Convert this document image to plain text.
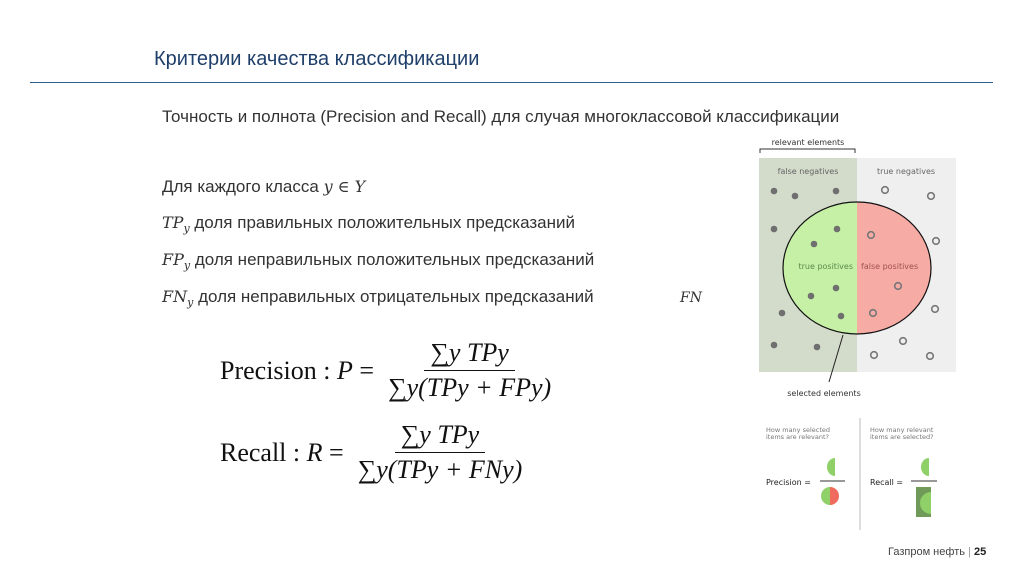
Критерии качества классификации
Точность и полнота (Precision and Recall) для случая многоклассовой классификации
Для каждого класса y ∈ Y
$TP_y$ доля правильных положительных предсказаний
$FP_y$ доля неправильных положительных предсказаний
$FN_y$ доля неправильных отрицательных предсказаний	FN
Precision :
$P = \frac{\text{∑y TPy}}{\text{∑y(TPy + FPy)}}$
Recall :
$R = \frac{\text{∑y TPy}}{\text{∑y(TPy + FNy)}}$
relevant elements
false negatives	true negatives
true positives false positives
selected elements
How many selected items are relevant?
How many relevant items are selected?
Precision =	Recall =
Газпром нефть | 25
